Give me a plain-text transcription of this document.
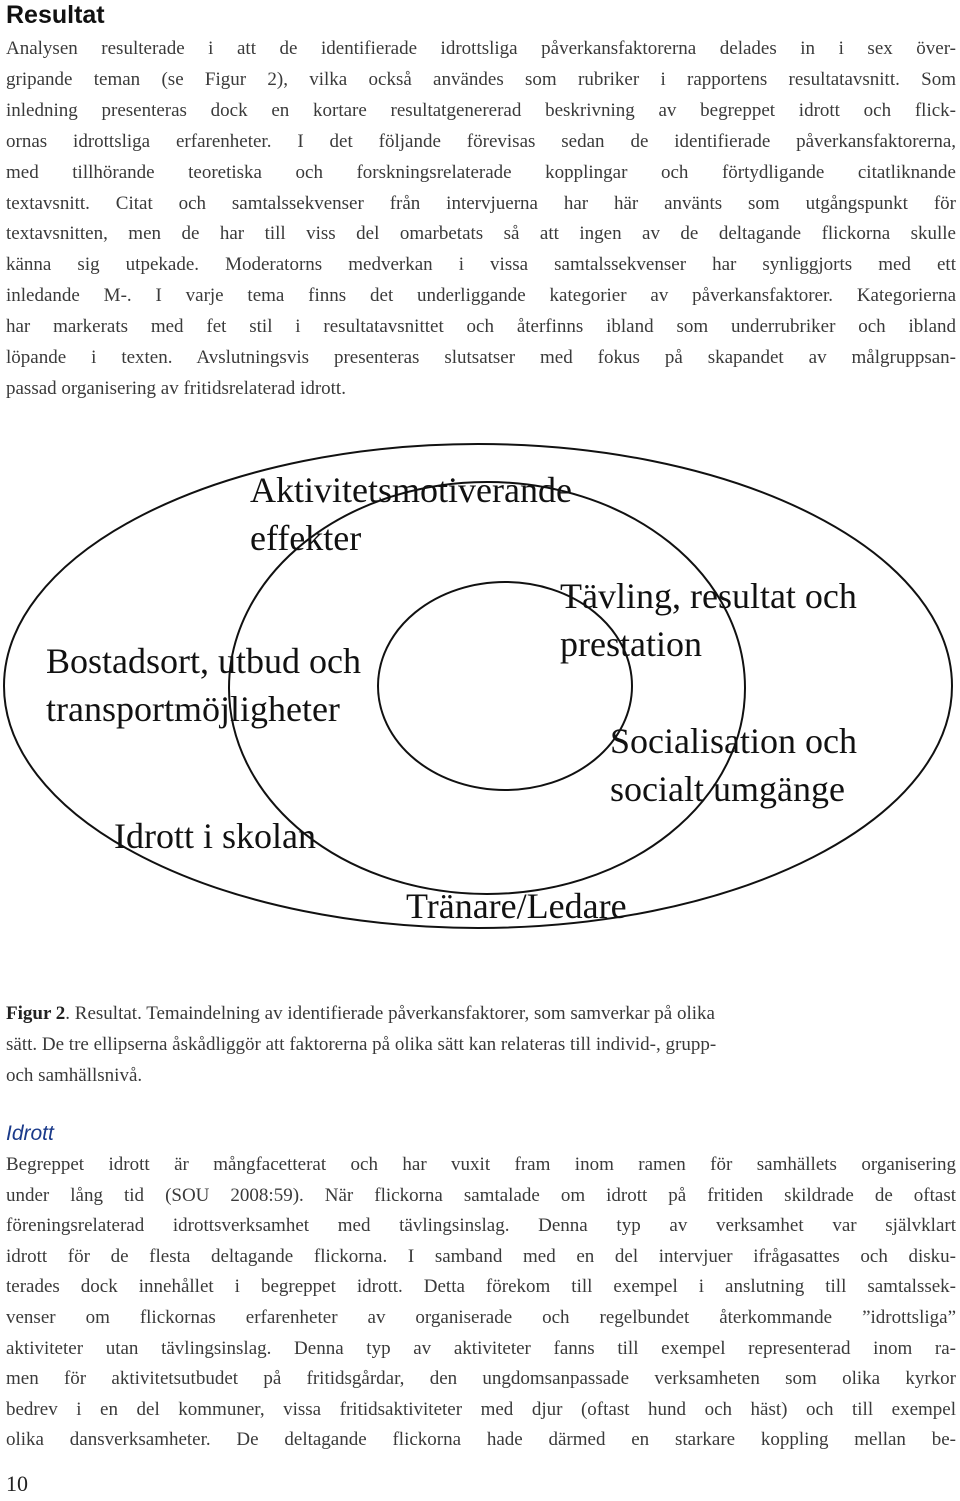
Resultat
Analysen resulterade i att de identifierade idrottsliga påverkansfaktorerna delades in i sex över-
gripande teman (se Figur 2), vilka också användes som rubriker i rapportens resultatavsnitt. Som
inledning presenteras dock en kortare resultatgenererad beskrivning av begreppet idrott och flick-
ornas idrottsliga erfarenheter. I det följande förevisas sedan de identifierade påverkansfaktorerna,
med tillhörande teoretiska och forskningsrelaterade kopplingar och förtydligande citatliknande
textavsnitt. Citat och samtalssekvenser från intervjuerna har här använts som utgångspunkt för
textavsnitten, men de har till viss del omarbetats så att ingen av de deltagande flickorna skulle
känna sig utpekade. Moderatorns medverkan i vissa samtalssekvenser har synliggjorts med ett
inledande M-. I varje tema finns det underliggande kategorier av påverkansfaktorer. Kategorierna
har markerats med fet stil i resultatavsnittet och återfinns ibland som underrubriker och ibland
löpande i texten. Avslutningsvis presenteras slutsatser med fokus på skapandet av målgruppsan-
passad organisering av fritidsrelaterad idrott.
Aktivitetsmotiverande
effekter
Tävling, resultat och
prestation
Bostadsort, utbud och
transportmöjligheter
Socialisation och
socialt umgänge
Idrott i skolan
Tränare/Ledare
Figur 2. Resultat. Temaindelning av identifierade påverkansfaktorer, som samverkar på olika
sätt. De tre ellipserna åskådliggör att faktorerna på olika sätt kan relateras till individ-, grupp-
och samhällsnivå.
Idrott
Begreppet idrott är mångfacetterat och har vuxit fram inom ramen för samhällets organisering
under lång tid (SOU 2008:59). När flickorna samtalade om idrott på fritiden skildrade de oftast
föreningsrelaterad idrottsverksamhet med tävlingsinslag. Denna typ av verksamhet var självklart
idrott för de flesta deltagande flickorna. I samband med en del intervjuer ifrågasattes och disku-
terades dock innehållet i begreppet idrott. Detta förekom till exempel i anslutning till samtalssek-
venser om flickornas erfarenheter av organiserade och regelbundet återkommande ”idrottsliga”
aktiviteter utan tävlingsinslag. Denna typ av aktiviteter fanns till exempel representerad inom ra-
men för aktivitetsutbudet på fritidsgårdar, den ungdomsanpassade verksamheten som olika kyrkor
bedrev i en del kommuner, vissa fritidsaktiviteter med djur (oftast hund och häst) och till exempel
olika dansverksamheter. De deltagande flickorna hade därmed en starkare koppling mellan be-
10
